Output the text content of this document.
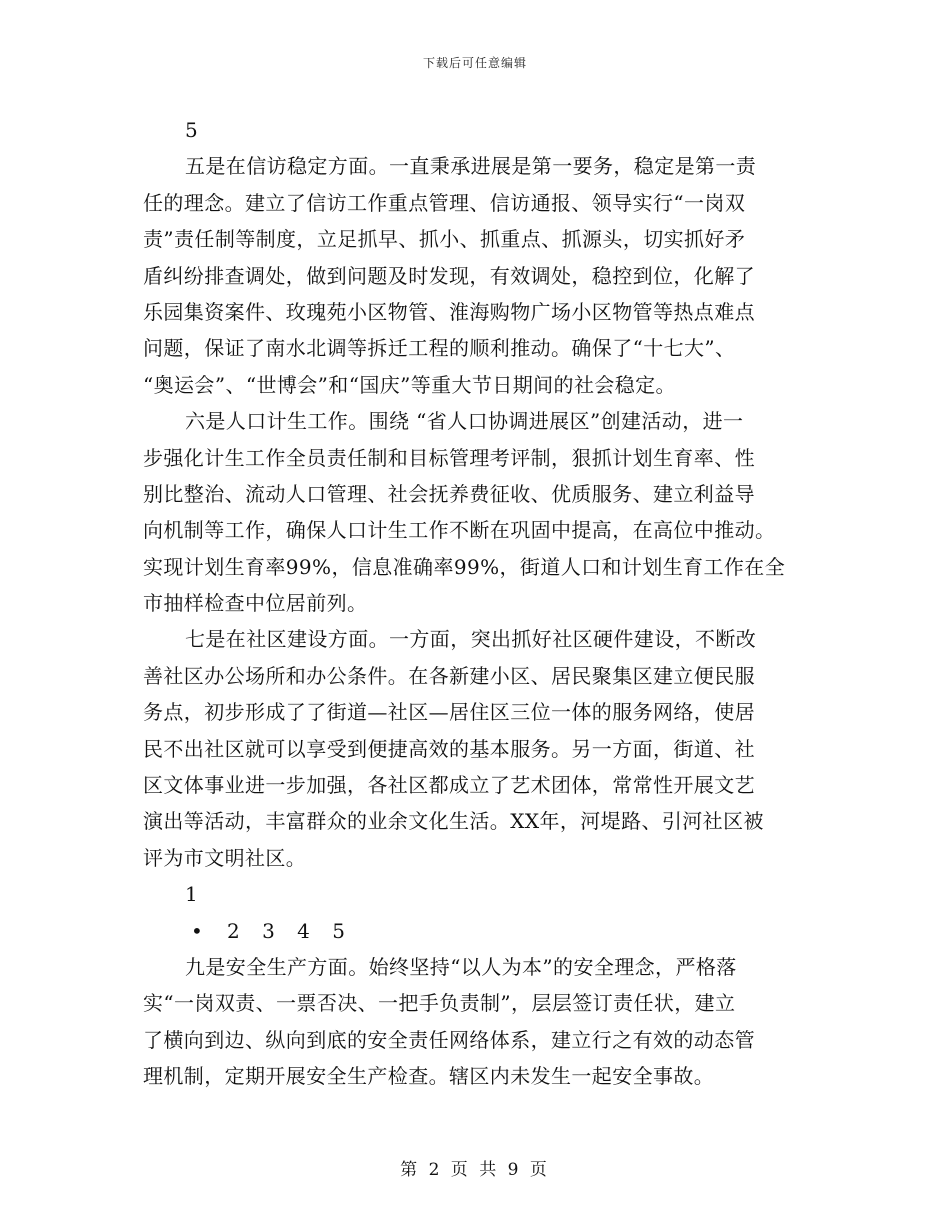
下载后可任意编辑
5
五是在信访稳定方面。一直秉承进展是第一要务，稳定是第一责
任的理念。建立了信访工作重点管理、信访通报、领导实行“一岗双
责”责任制等制度，立足抓早、抓小、抓重点、抓源头，切实抓好矛
盾纠纷排查调处，做到问题及时发现，有效调处，稳控到位，化解了
乐园集资案件、玫瑰苑小区物管、淮海购物广场小区物管等热点难点
问题，保证了南水北调等拆迁工程的顺利推动。确保了“十七大”、
“奥运会”、“世博会”和“国庆”等重大节日期间的社会稳定。
六是人口计生工作。围绕 “省人口协调进展区”创建活动，进一
步强化计生工作全员责任制和目标管理考评制，狠抓计划生育率、性
别比整治、流动人口管理、社会抚养费征收、优质服务、建立利益导
向机制等工作，确保人口计生工作不断在巩固中提高，在高位中推动。
实现计划生育率99%，信息准确率99%，街道人口和计划生育工作在全
市抽样检查中位居前列。
七是在社区建设方面。一方面，突出抓好社区硬件建设，不断改
善社区办公场所和办公条件。在各新建小区、居民聚集区建立便民服
务点，初步形成了了街道—社区—居住区三位一体的服务网络，使居
民不出社区就可以享受到便捷高效的基本服务。另一方面，街道、社
区文体事业进一步加强，各社区都成立了艺术团体，常常性开展文艺
演出等活动，丰富群众的业余文化生活。XX年，河堤路、引河社区被
评为市文明社区。
1
• 2 3 4 5
九是安全生产方面。始终坚持“以人为本”的安全理念，严格落
实“一岗双责、一票否决、一把手负责制”，层层签订责任状，建立
了横向到边、纵向到底的安全责任网络体系，建立行之有效的动态管
理机制，定期开展安全生产检查。辖区内未发生一起安全事故。
第 2 页 共 9 页
